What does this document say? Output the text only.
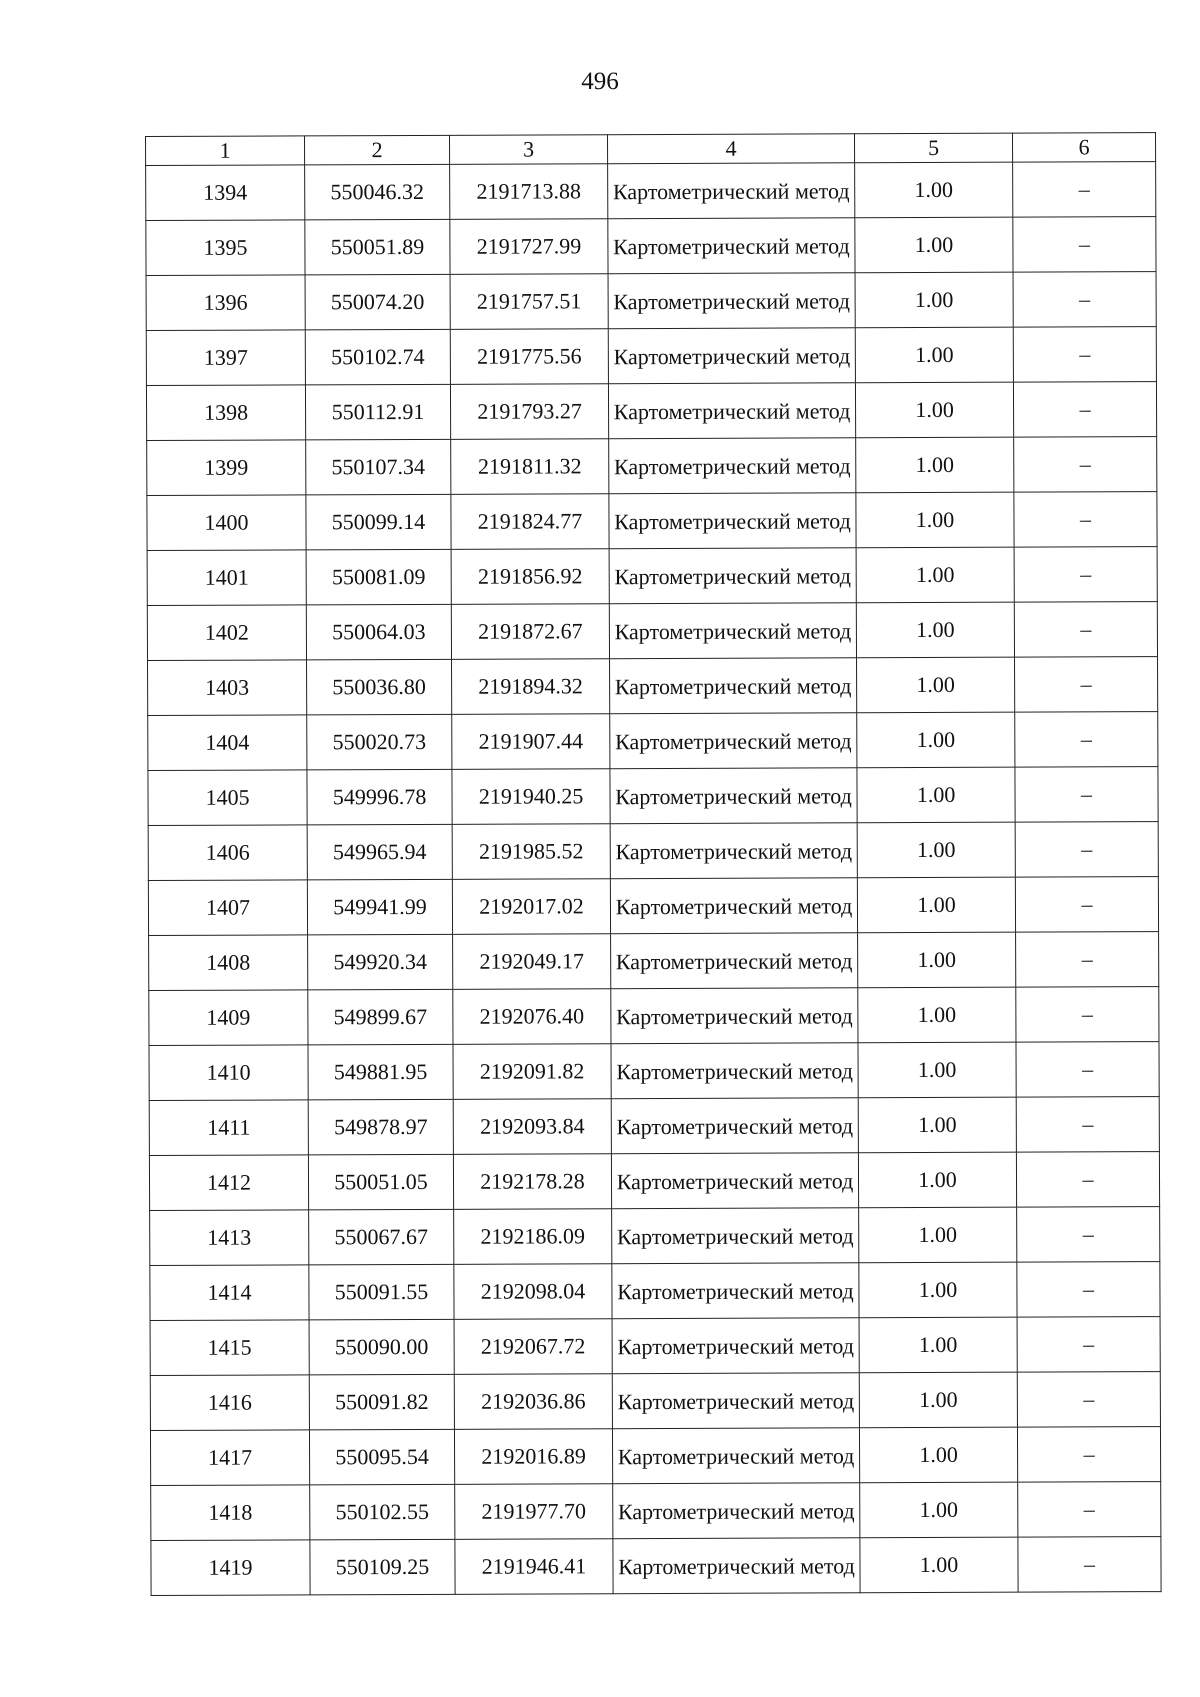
496
1	2	3	4	5	6
1394	550046.32	2191713.88	Картометрический метод	1.00	–
1395	550051.89	2191727.99	Картометрический метод	1.00	–
1396	550074.20	2191757.51	Картометрический метод	1.00	–
1397	550102.74	2191775.56	Картометрический метод	1.00	–
1398	550112.91	2191793.27	Картометрический метод	1.00	–
1399	550107.34	2191811.32	Картометрический метод	1.00	–
1400	550099.14	2191824.77	Картометрический метод	1.00	–
1401	550081.09	2191856.92	Картометрический метод	1.00	–
1402	550064.03	2191872.67	Картометрический метод	1.00	–
1403	550036.80	2191894.32	Картометрический метод	1.00	–
1404	550020.73	2191907.44	Картометрический метод	1.00	–
1405	549996.78	2191940.25	Картометрический метод	1.00	–
1406	549965.94	2191985.52	Картометрический метод	1.00	–
1407	549941.99	2192017.02	Картометрический метод	1.00	–
1408	549920.34	2192049.17	Картометрический метод	1.00	–
1409	549899.67	2192076.40	Картометрический метод	1.00	–
1410	549881.95	2192091.82	Картометрический метод	1.00	–
1411	549878.97	2192093.84	Картометрический метод	1.00	–
1412	550051.05	2192178.28	Картометрический метод	1.00	–
1413	550067.67	2192186.09	Картометрический метод	1.00	–
1414	550091.55	2192098.04	Картометрический метод	1.00	–
1415	550090.00	2192067.72	Картометрический метод	1.00	–
1416	550091.82	2192036.86	Картометрический метод	1.00	–
1417	550095.54	2192016.89	Картометрический метод	1.00	–
1418	550102.55	2191977.70	Картометрический метод	1.00	–
1419	550109.25	2191946.41	Картометрический метод	1.00	–
